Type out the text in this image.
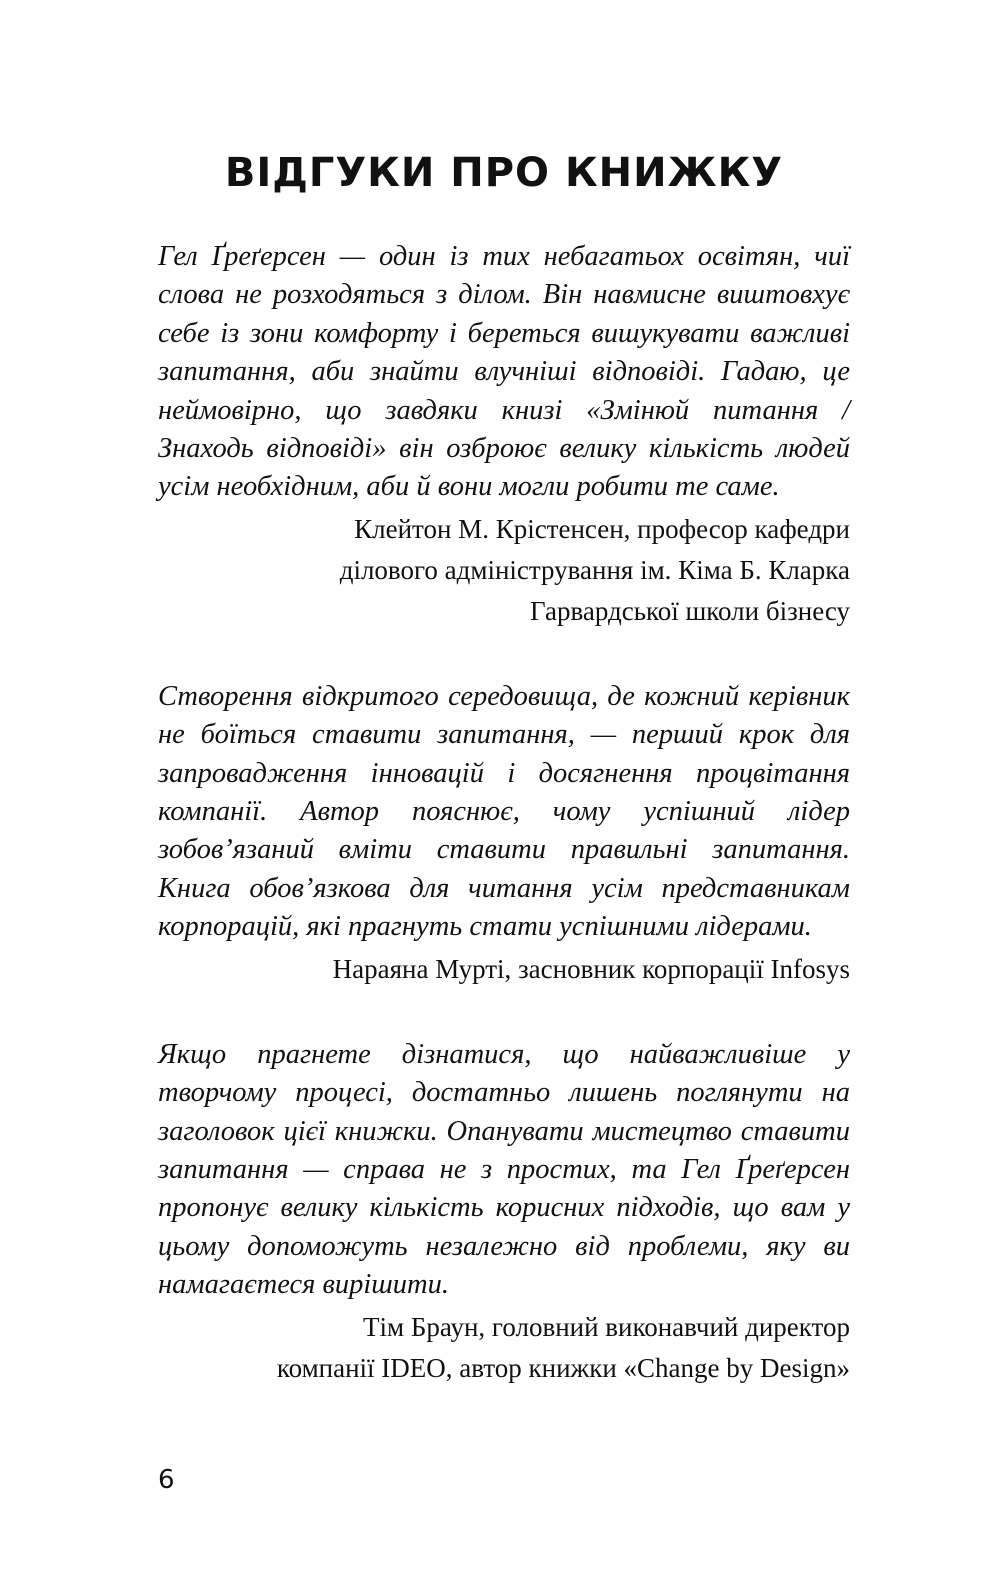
ВІДГУКИ ПРО КНИЖКУ

Гел Ґреґерсен — один із тих небагатьох освітян, чиї слова не розходяться з ділом. Він навмисне виштовхує себе із зони комфорту і береться вишукувати важливі запитання, аби знайти влучніші відповіді. Гадаю, це неймовірно, що завдяки книзі «Змінюй питання / Знаходь відповіді» він озброює велику кількість людей усім необхідним, аби й вони могли робити те саме.

Клейтон М. Крістенсен, професор кафедри
ділового адміністрування ім. Кіма Б. Кларка
Гарвардської школи бізнесу

Створення відкритого середовища, де кожний керівник не боїться ставити запитання, — перший крок для запровадження інновацій і досягнення процвітання компанії. Автор пояснює, чому успішний лідер зобов’язаний вміти ставити правильні запитання. Книга обов’язкова для читання усім представникам корпорацій, які прагнуть стати успішними лідерами.

Нараяна Мурті, засновник корпорації Infosys

Якщо прагнете дізнатися, що найважливіше у творчому процесі, достатньо лишень поглянути на заголовок цієї книжки. Опанувати мистецтво ставити запитання — справа не з простих, та Гел Ґреґерсен пропонує велику кількість корисних підходів, що вам у цьому допоможуть незалежно від проблеми, яку ви намагаєтеся вирішити.

Тім Браун, головний виконавчий директор
компанії IDEO, автор книжки «Change by Design»

6
